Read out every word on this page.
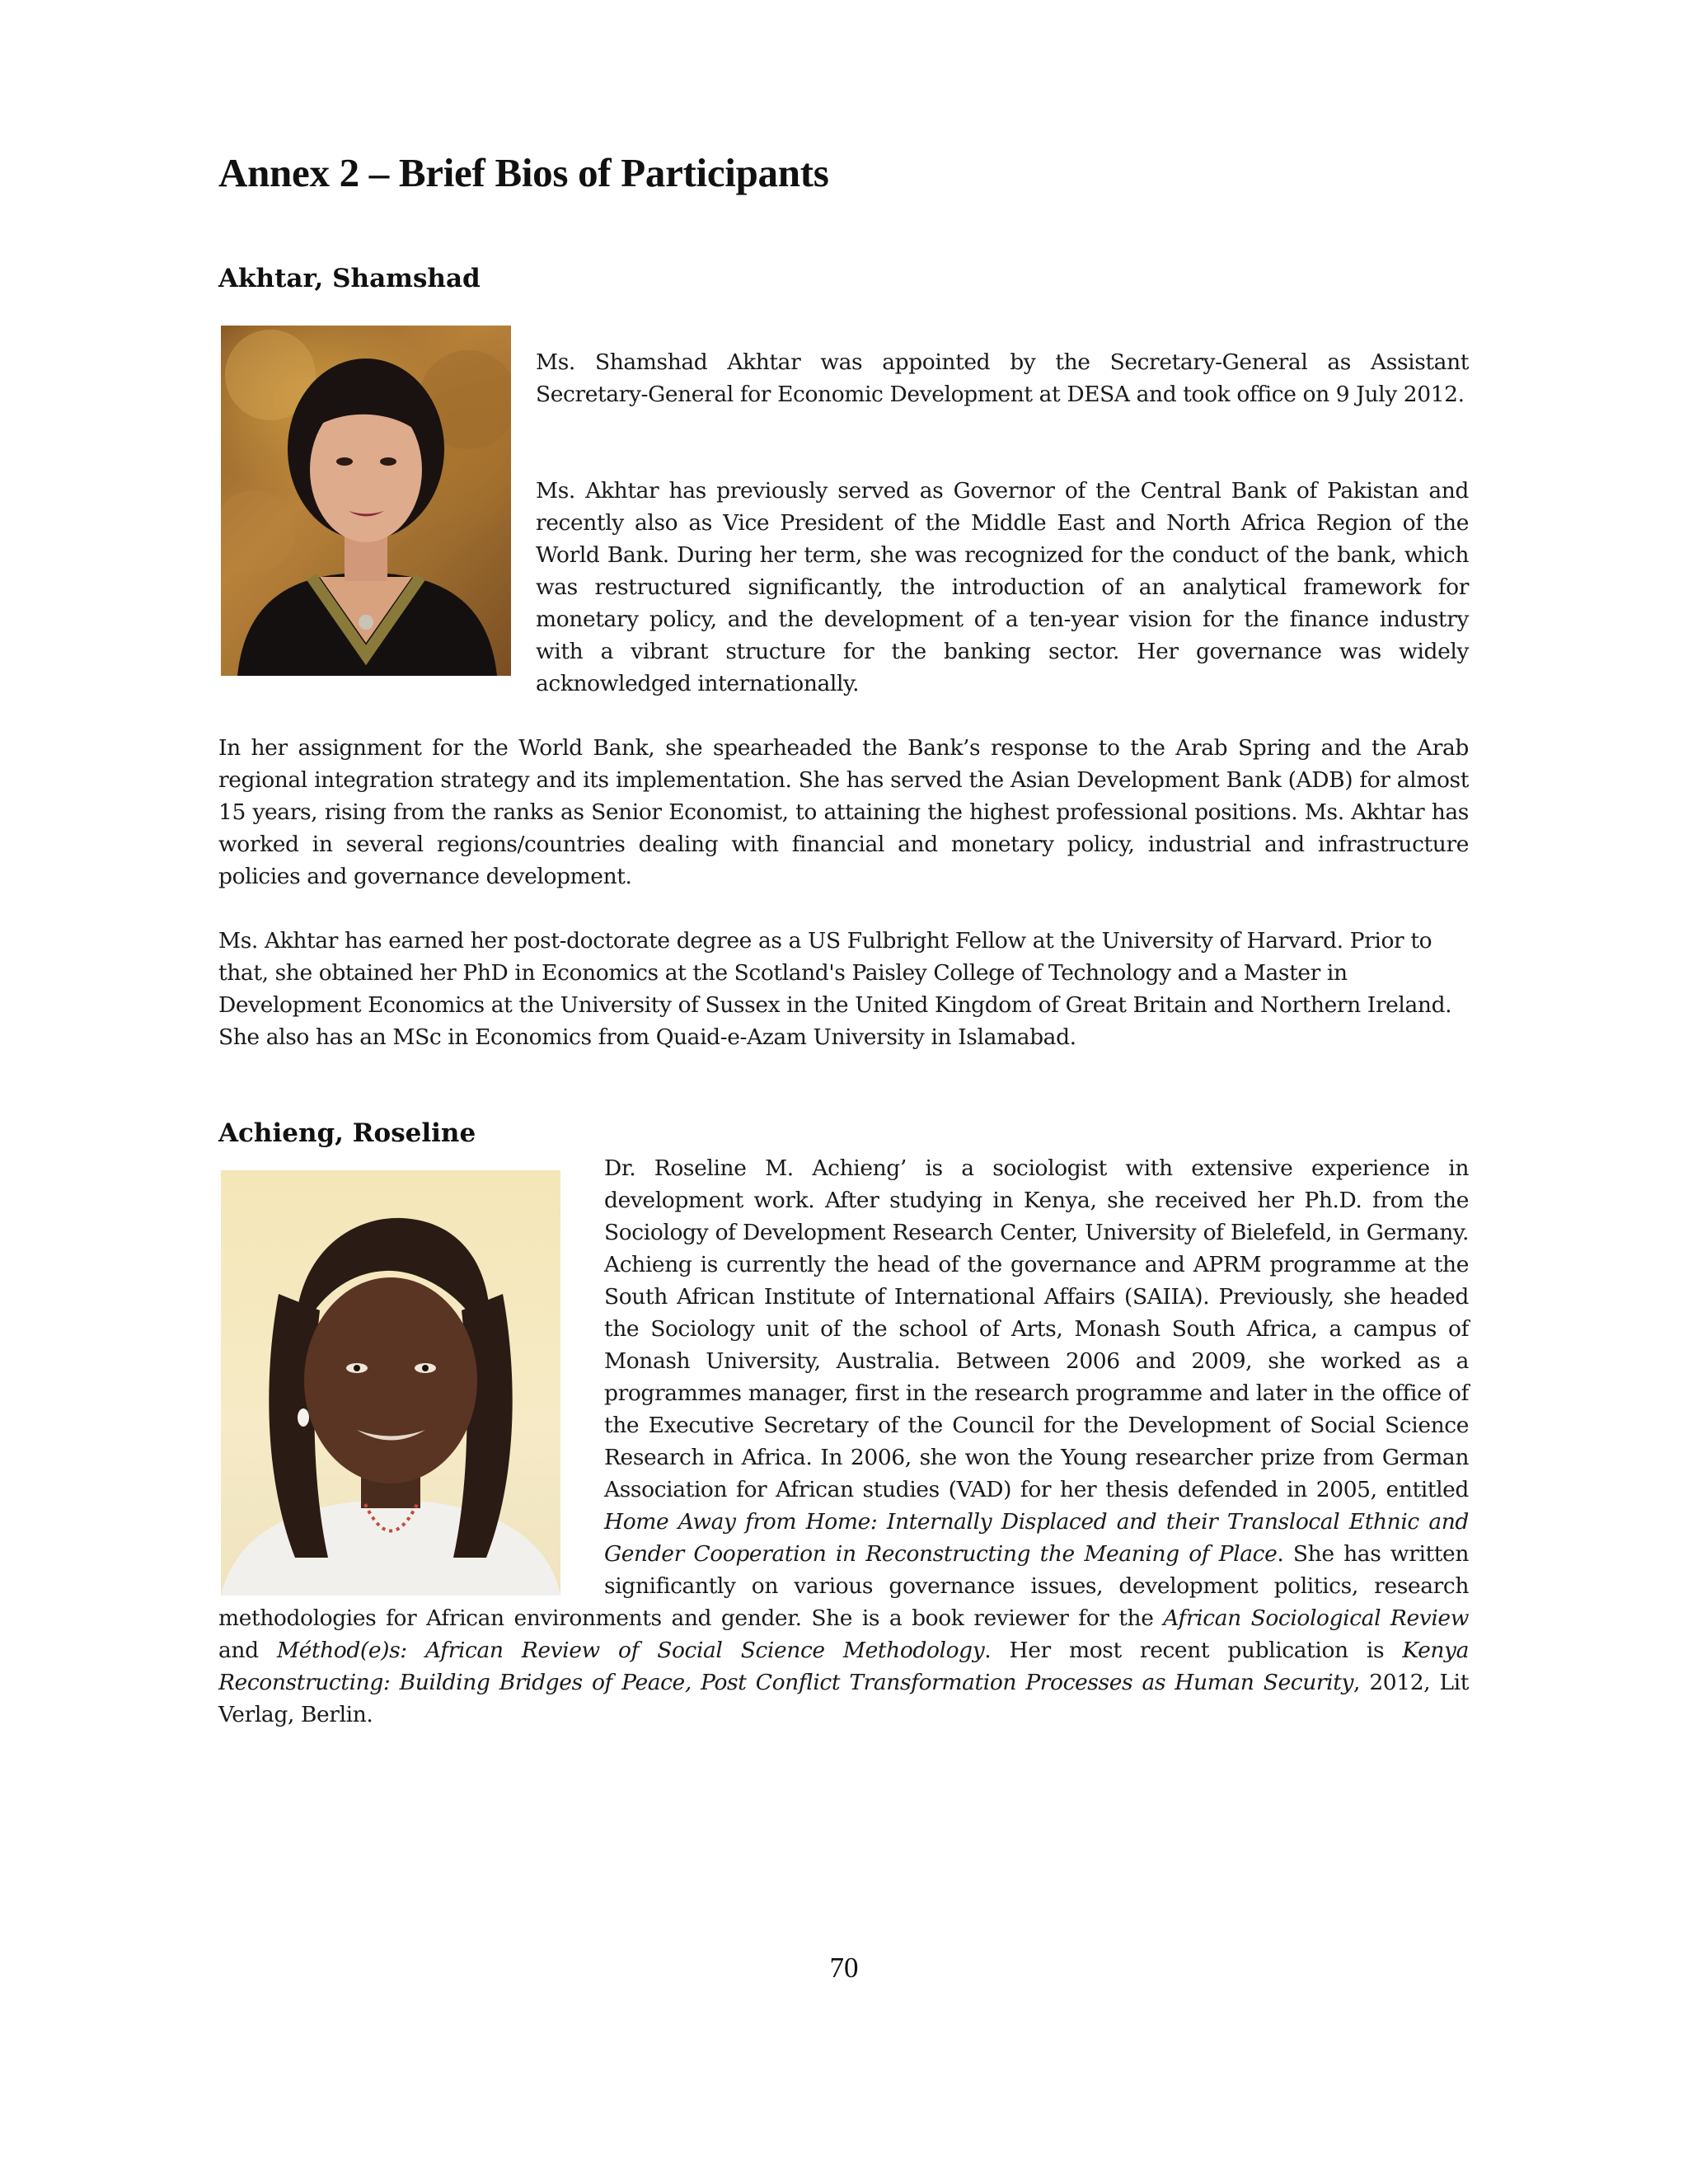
Annex 2 – Brief Bios of Participants
Akhtar, Shamshad

Ms. Shamshad Akhtar was appointed by the Secretary-General as Assistant Secretary-General for Economic Development at DESA and took office on 9 July 2012.

Ms. Akhtar has previously served as Governor of the Central Bank of Pakistan and recently also as Vice President of the Middle East and North Africa Region of the World Bank. During her term, she was recognized for the conduct of the bank, which was restructured significantly, the introduction of an analytical framework for monetary policy, and the development of a ten-year vision for the finance industry with a vibrant structure for the banking sector. Her governance was widely acknowledged internationally.

In her assignment for the World Bank, she spearheaded the Bank’s response to the Arab Spring and the Arab regional integration strategy and its implementation. She has served the Asian Development Bank (ADB) for almost 15 years, rising from the ranks as Senior Economist, to attaining the highest professional positions. Ms. Akhtar has worked in several regions/countries dealing with financial and monetary policy, industrial and infrastructure policies and governance development.

Ms. Akhtar has earned her post-doctorate degree as a US Fulbright Fellow at the University of Harvard. Prior to that, she obtained her PhD in Economics at the Scotland's Paisley College of Technology and a Master in Development Economics at the University of Sussex in the United Kingdom of Great Britain and Northern Ireland. She also has an MSc in Economics from Quaid-e-Azam University in Islamabad.

Achieng, Roseline

Dr. Roseline M. Achieng’ is a sociologist with extensive experience in development work. After studying in Kenya, she received her Ph.D. from the Sociology of Development Research Center, University of Bielefeld, in Germany. Achieng is currently the head of the governance and APRM programme at the South African Institute of International Affairs (SAIIA). Previously, she headed the Sociology unit of the school of Arts, Monash South Africa, a campus of Monash University, Australia. Between 2006 and 2009, she worked as a programmes manager, first in the research programme and later in the office of the Executive Secretary of the Council for the Development of Social Science Research in Africa. In 2006, she won the Young researcher prize from German Association for African studies (VAD) for her thesis defended in 2005, entitled Home Away from Home: Internally Displaced and their Translocal Ethnic and Gender Cooperation in Reconstructing the Meaning of Place. She has written significantly on various governance issues, development politics, research methodologies for African environments and gender. She is a book reviewer for the African Sociological Review and Méthod(e)s: African Review of Social Science Methodology. Her most recent publication is Kenya Reconstructing: Building Bridges of Peace, Post Conflict Transformation Processes as Human Security, 2012, Lit Verlag, Berlin.

70
